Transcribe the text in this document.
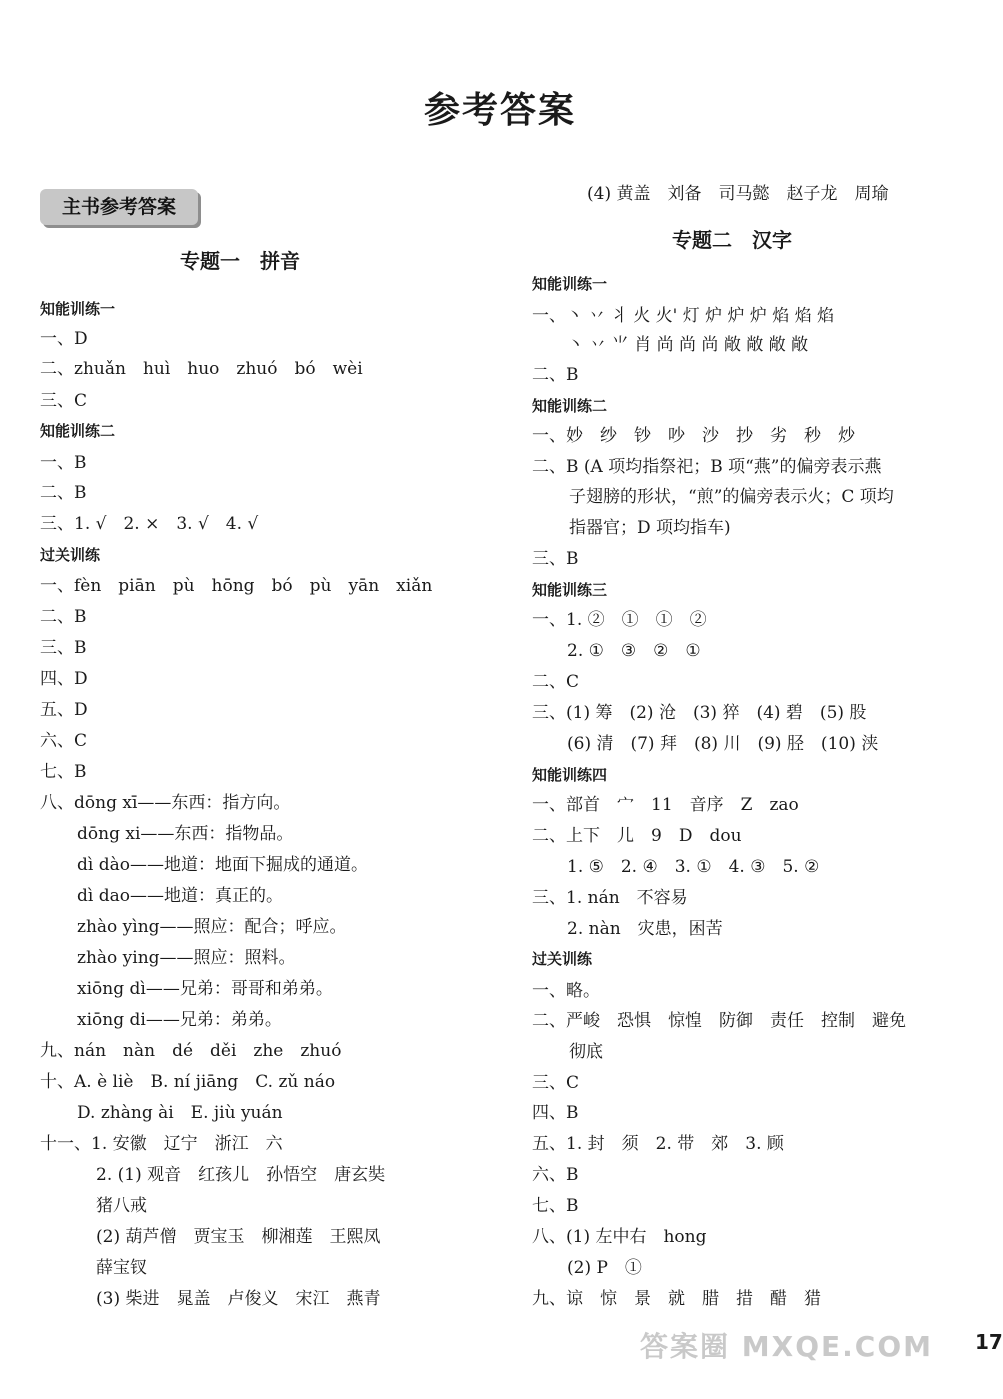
参考答案
主书参考答案
专题一　拼音
知能训练一
一、D
二、zhuǎn　huì　huo　zhuó　bó　wèi
三、C
知能训练二
一、B
二、B
三、1. √　2. ×　3. √　4. √
过关训练
一、fèn　piān　pù　hōng　bó　pù　yān　xiǎn
二、B
三、B
四、D
五、D
六、C
七、B
八、dōng xī——东西：指方向。
dōng xi——东西：指物品。
dì dào——地道：地面下掘成的通道。
dì dao——地道：真正的。
zhào yìng——照应：配合；呼应。
zhào ying——照应：照料。
xiōng dì——兄弟：哥哥和弟弟。
xiōng di——兄弟：弟弟。
九、nán　nàn　dé　děi　zhe　zhuó
十、A. è liè　B. ní jiāng　C. zǔ náo
D. zhàng ài　E. jiù yuán
十一、1. 安徽　辽宁　浙江　六
2. (1) 观音　红孩儿　孙悟空　唐玄奘
猪八戒
(2) 葫芦僧　贾宝玉　柳湘莲　王熙凤
薛宝钗
(3) 柴进　晁盖　卢俊义　宋江　燕青
(4) 黄盖　刘备　司马懿　赵子龙　周瑜
专题二　汉字
知能训练一
一、丶 丷 丬 火 火' 灯 炉 炉 炉 焰 焰 焰
丶 丷 ⺌ 肖 尚 尚 尚 敞 敞 敞 敞
二、B
知能训练二
一、妙　纱　钞　吵　沙　抄　劣　秒　炒
二、B (A 项均指祭祀；B 项“燕”的偏旁表示燕
子翅膀的形状，“煎”的偏旁表示火；C 项均
指器官；D 项均指车)
三、B
知能训练三
一、1. ②　①　①　②
2. ①　③　②　①
二、C
三、(1) 筹　(2) 沧　(3) 猝　(4) 碧　(5) 股
(6) 清　(7) 拜　(8) 川　(9) 胫　(10) 浃
知能训练四
一、部首　宀　11　音序　Z　zao
二、上下　儿　9　D　dou
1. ⑤　2. ④　3. ①　4. ③　5. ②
三、1. nán　不容易
2. nàn　灾患，困苦
过关训练
一、略。
二、严峻　恐惧　惊惶　防御　责任　控制　避免
彻底
三、C
四、B
五、1. 封　须　2. 带　郊　3. 顾
六、B
七、B
八、(1) 左中右　hong
(2) P　①
九、谅　惊　景　就　腊　措　醋　猎
答案圈 MXQE.COM 17
